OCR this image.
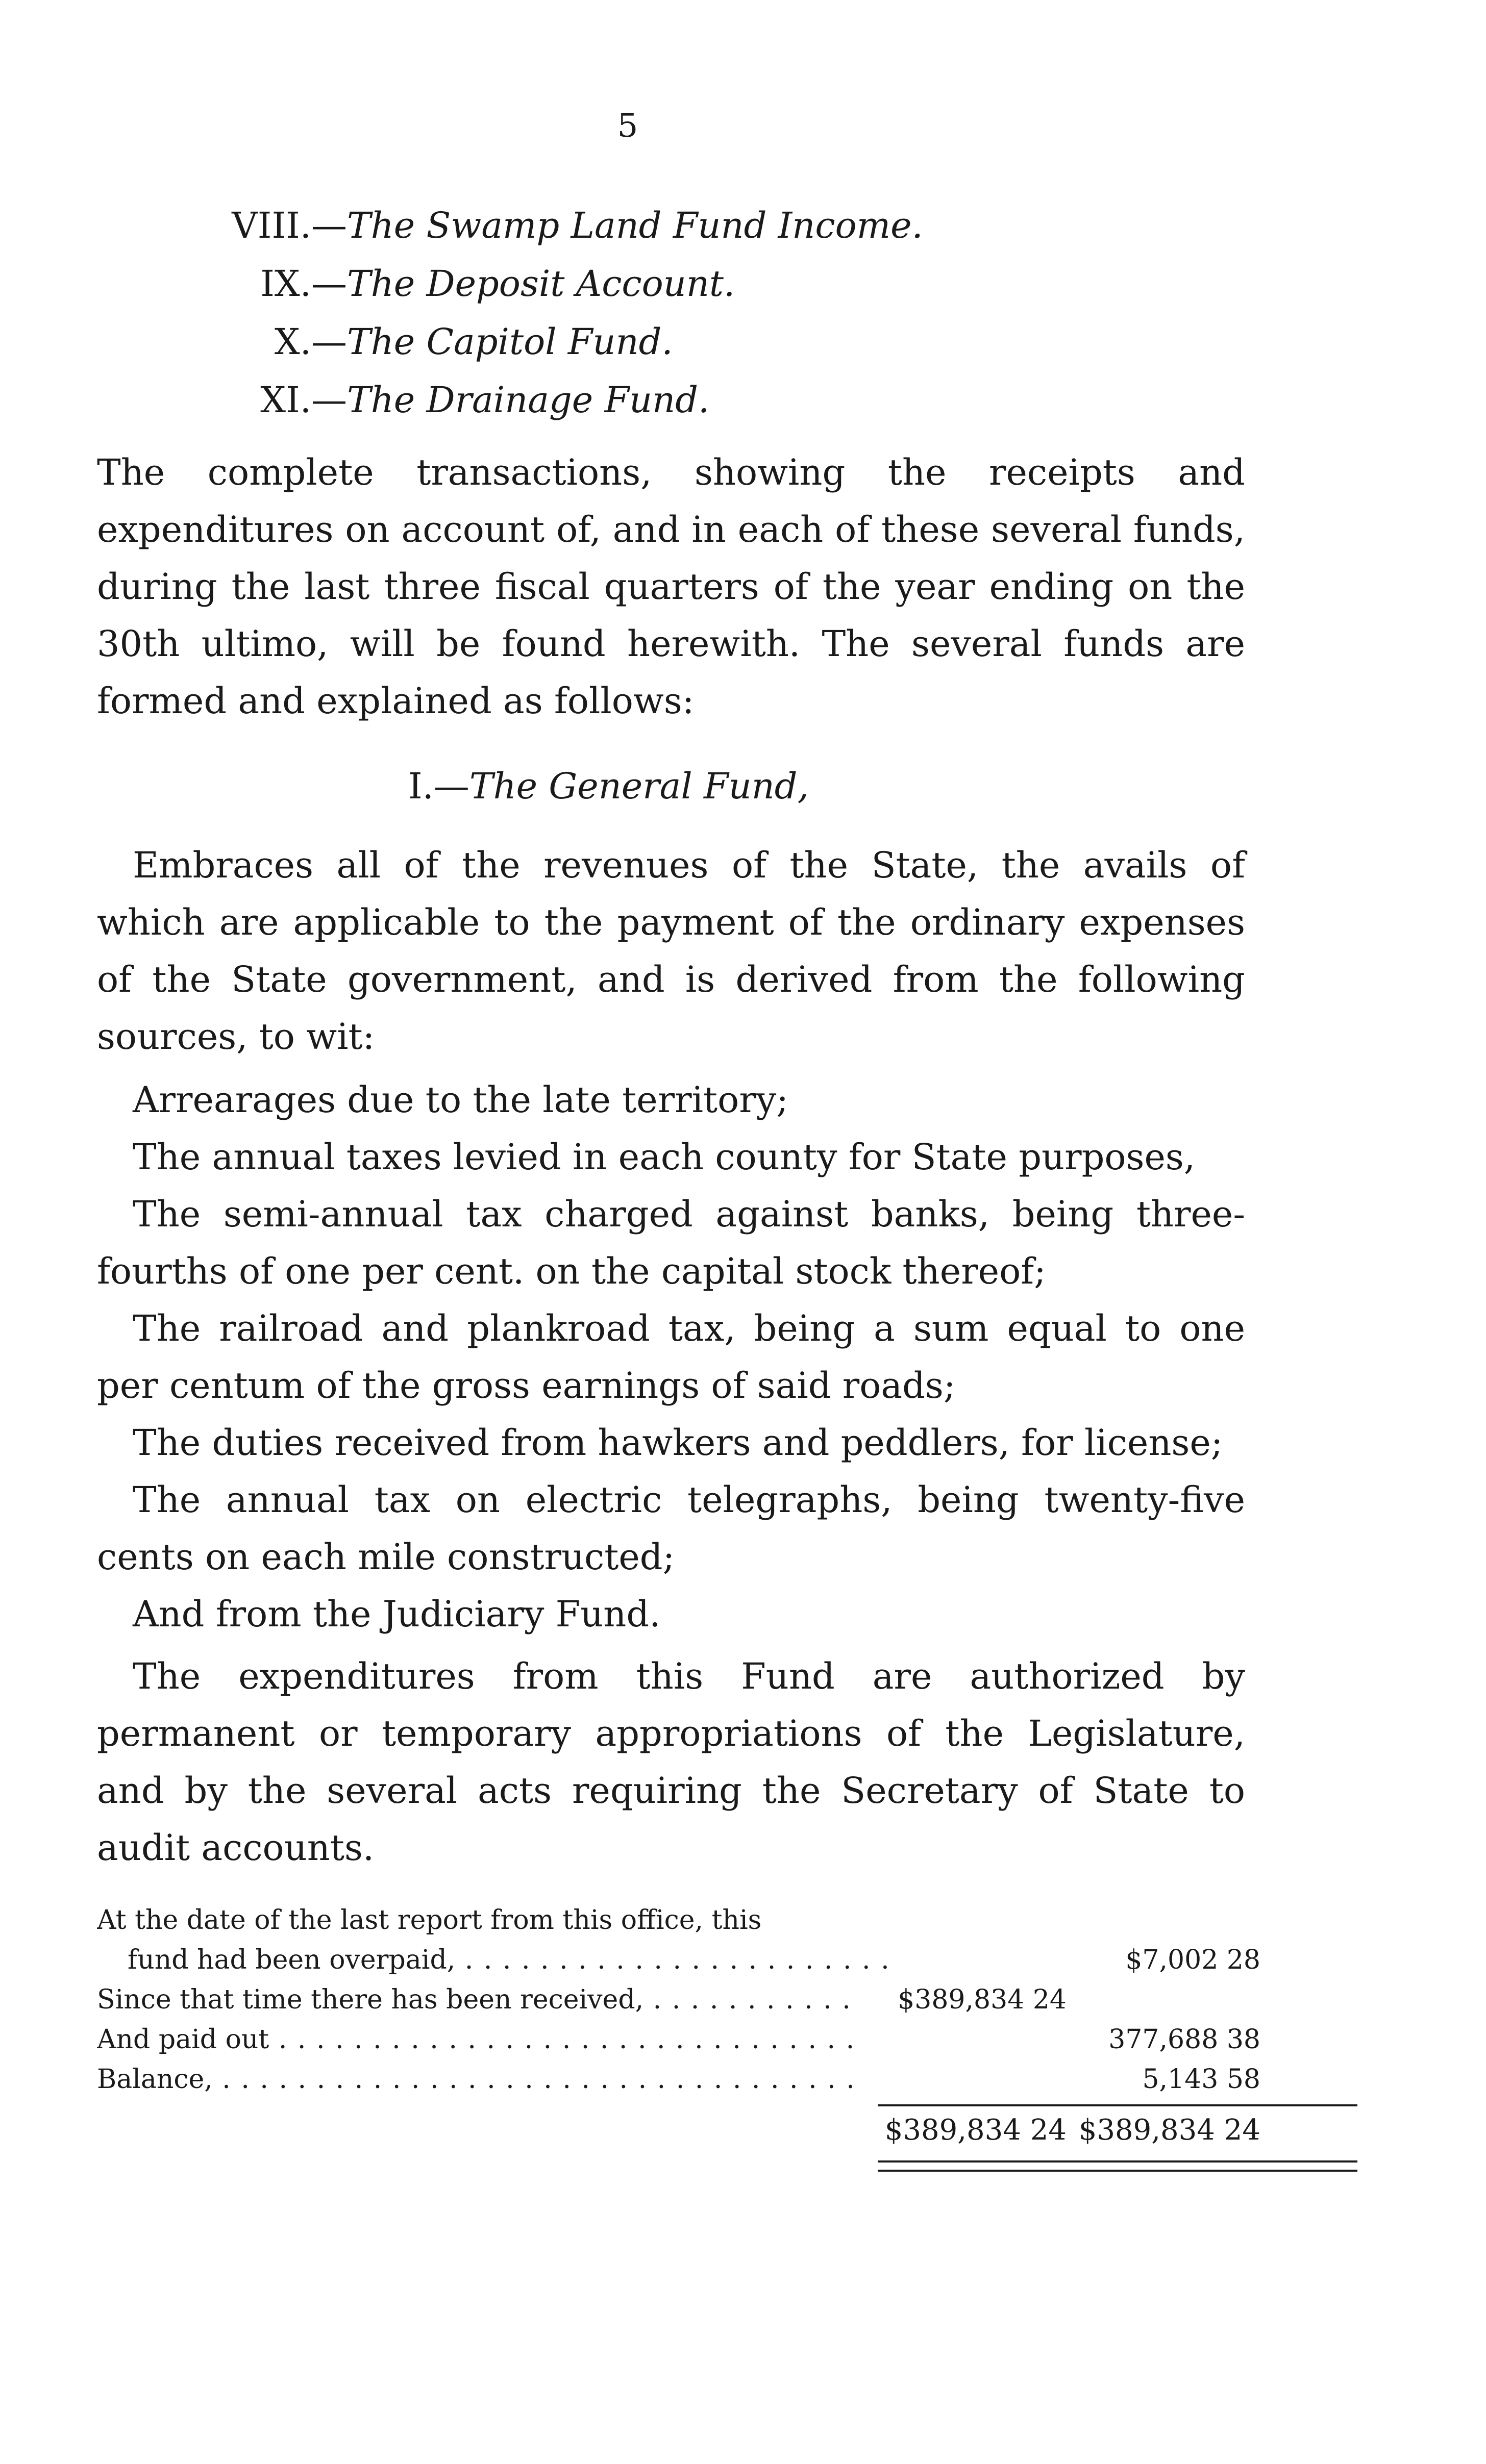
5
VIII.—The Swamp Land Fund Income.
IX.—The Deposit Account.
X.—The Capitol Fund.
XI.—The Drainage Fund.

The complete transactions, showing the receipts and expenditures on account of, and in each of these several funds, during the last three fiscal quarters of the year ending on the 30th ultimo, will be found herewith. The several funds are formed and explained as follows:

I.—The General Fund,

Embraces all of the revenues of the State, the avails of which are applicable to the payment of the ordinary expenses of the State government, and is derived from the following sources, to wit:

Arrearages due to the late territory;
The annual taxes levied in each county for State purposes,
The semi-annual tax charged against banks, being three-fourths of one per cent. on the capital stock thereof;
The railroad and plankroad tax, being a sum equal to one per centum of the gross earnings of said roads;
The duties received from hawkers and peddlers, for license;
The annual tax on electric telegraphs, being twenty-five cents on each mile constructed;
And from the Judiciary Fund.

The expenditures from this Fund are authorized by permanent or temporary appropriations of the Legislature, and by the several acts requiring the Secretary of State to audit accounts.

At the date of the last report from this office, this
fund had been overpaid, . . .	$7,002 28
Since that time there has been received, . . .	$389,834 24
And paid out . . .	377,688 38
Balance, . . .	5,143 58
$389,834 24 $389,834 24
